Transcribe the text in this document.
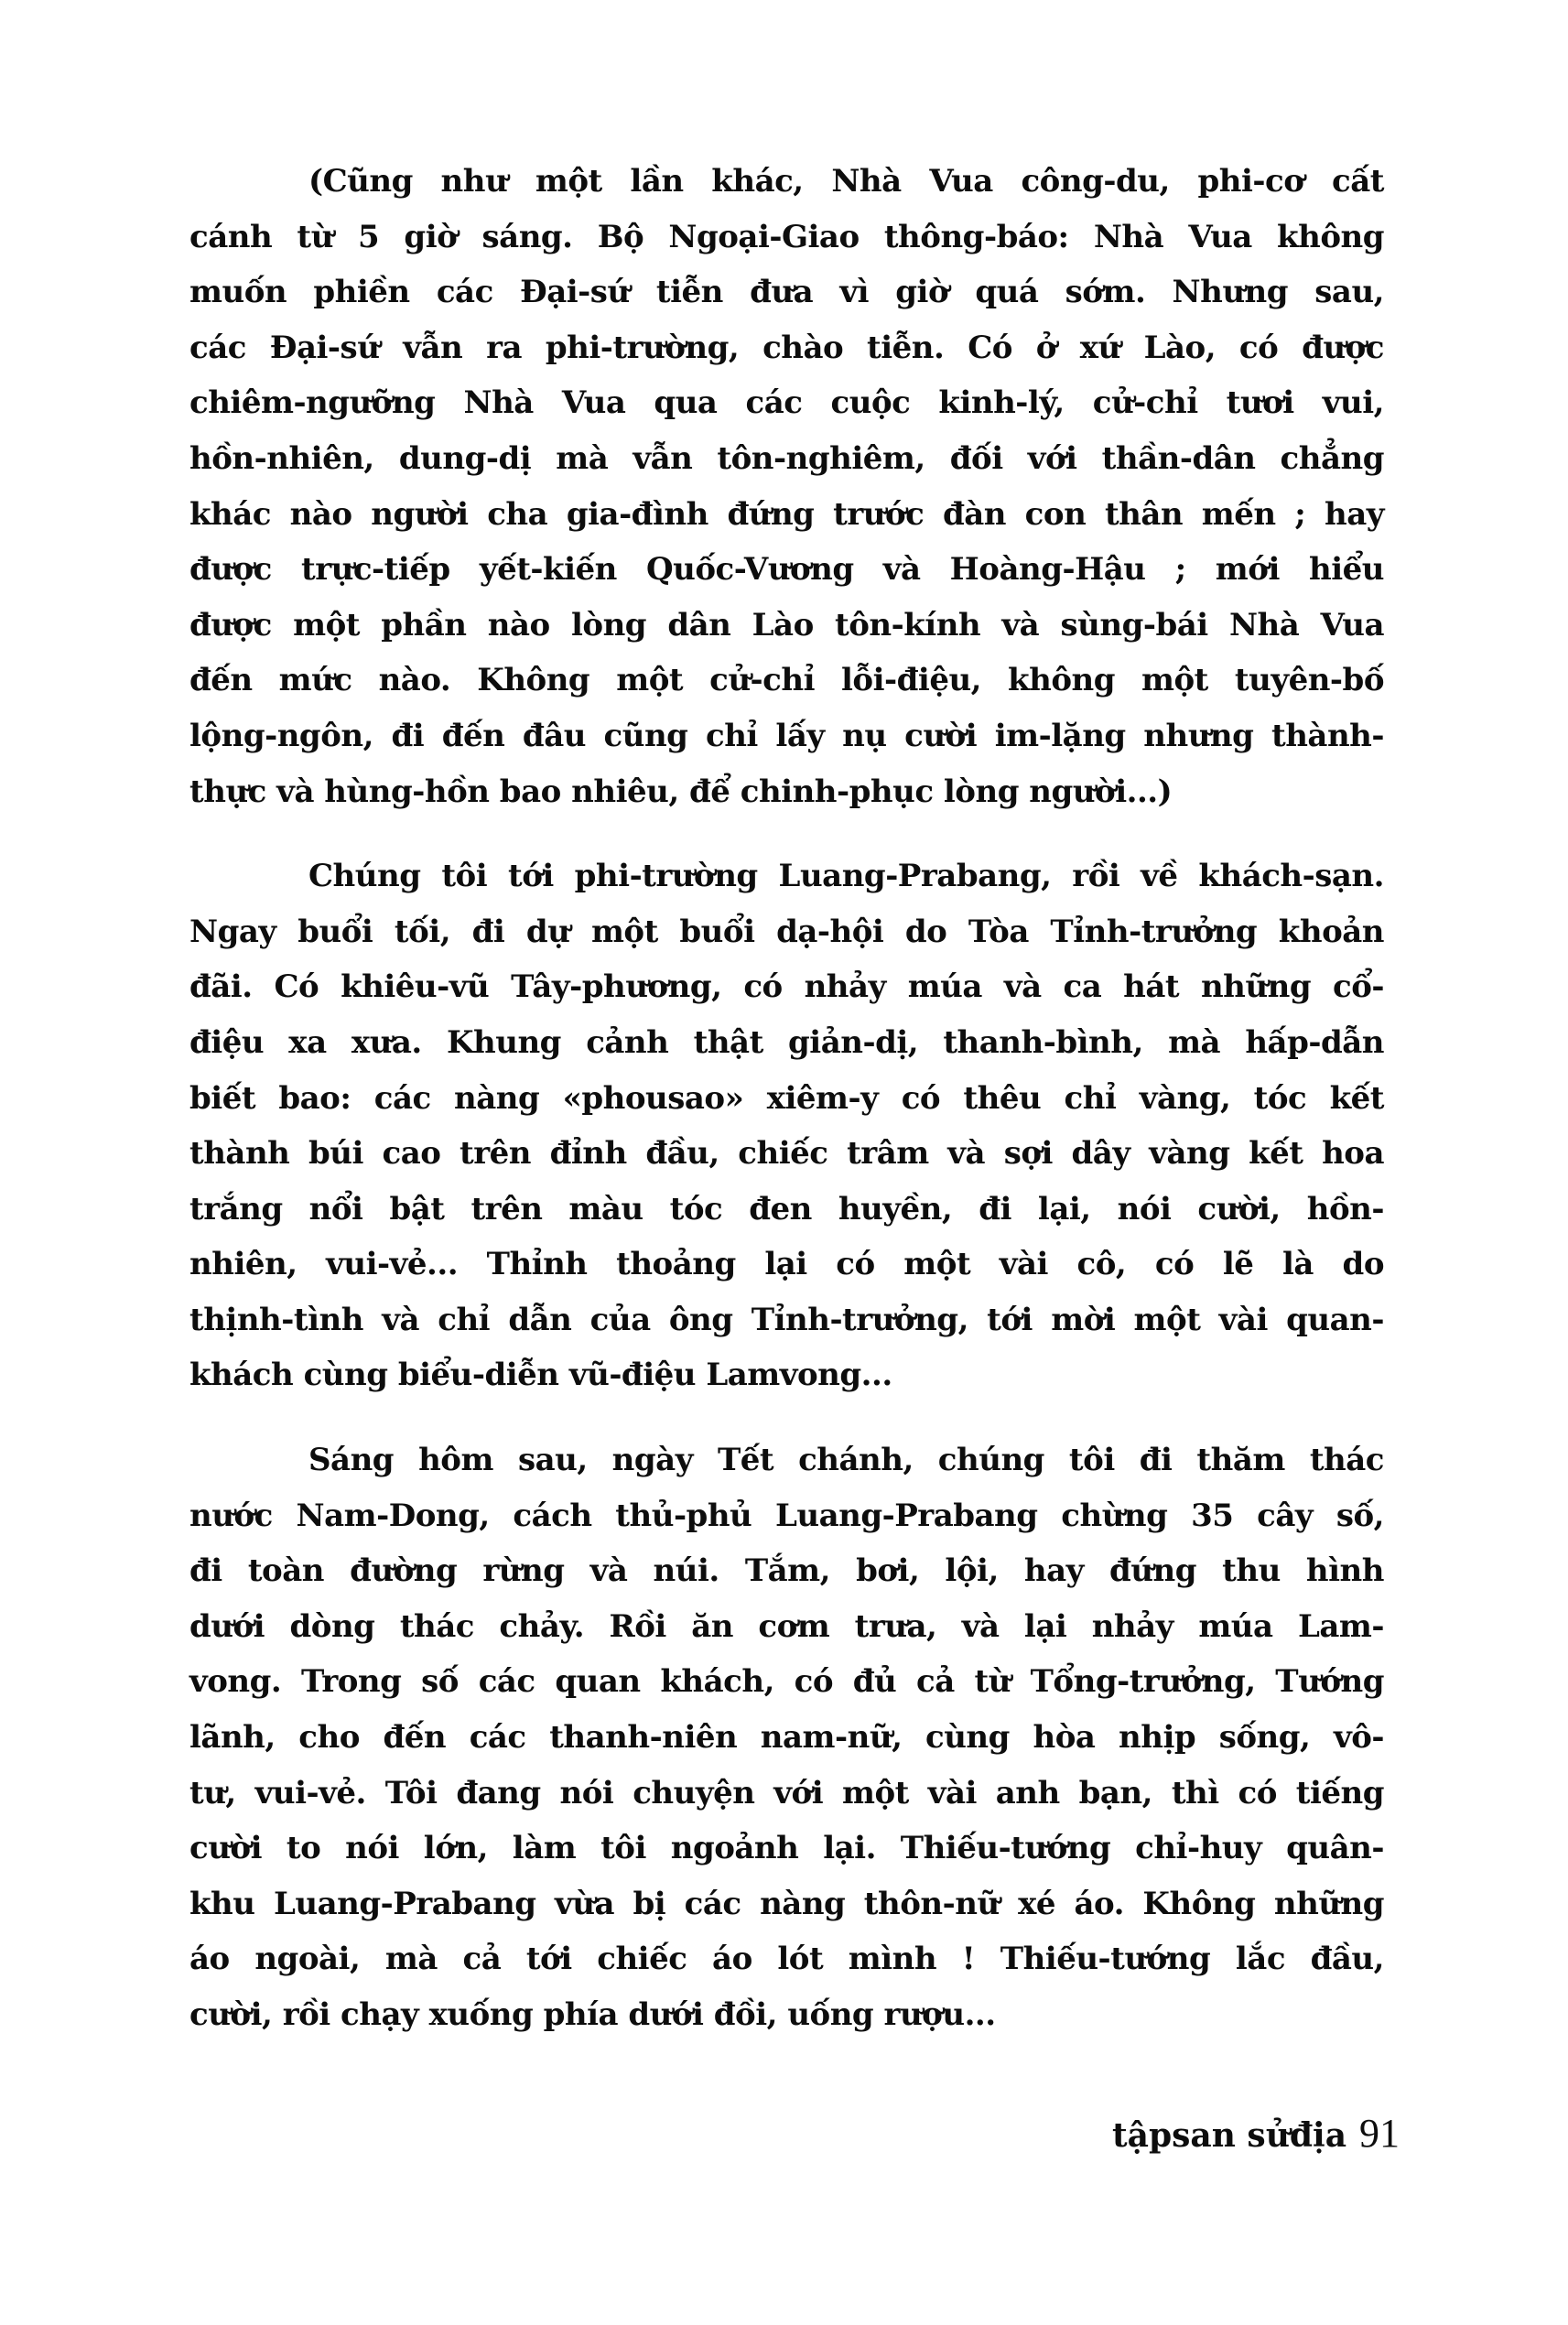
(Cũng như một lần khác, Nhà Vua công-du, phi-cơ cất
cánh từ 5 giờ sáng. Bộ Ngoại-Giao thông-báo: Nhà Vua không
muốn phiền các Đại-sứ tiễn đưa vì giờ quá sớm. Nhưng sau,
các Đại-sứ vẫn ra phi-trường, chào tiễn. Có ở xứ Lào, có được
chiêm-ngưỡng Nhà Vua qua các cuộc kinh-lý, cử-chỉ tươi vui,
hồn-nhiên, dung-dị mà vẫn tôn-nghiêm, đối với thần-dân chẳng
khác nào người cha gia-đình đứng trước đàn con thân mến ; hay
được trực-tiếp yết-kiến Quốc-Vương và Hoàng-Hậu ; mới hiểu
được một phần nào lòng dân Lào tôn-kính và sùng-bái Nhà Vua
đến mức nào. Không một cử-chỉ lỗi-điệu, không một tuyên-bố
lộng-ngôn, đi đến đâu cũng chỉ lấy nụ cười im-lặng nhưng thành-
thực và hùng-hồn bao nhiêu, để chinh-phục lòng người...)
Chúng tôi tới phi-trường Luang-Prabang, rồi về khách-sạn.
Ngay buổi tối, đi dự một buổi dạ-hội do Tòa Tỉnh-trưởng khoản
đãi. Có khiêu-vũ Tây-phương, có nhảy múa và ca hát những cổ-
điệu xa xưa. Khung cảnh thật giản-dị, thanh-bình, mà hấp-dẫn
biết bao: các nàng «phousao» xiêm-y có thêu chỉ vàng, tóc kết
thành búi cao trên đỉnh đầu, chiếc trâm và sợi dây vàng kết hoa
trắng nổi bật trên màu tóc đen huyền, đi lại, nói cười, hồn-
nhiên, vui-vẻ... Thỉnh thoảng lại có một vài cô, có lẽ là do
thịnh-tình và chỉ dẫn của ông Tỉnh-trưởng, tới mời một vài quan-
khách cùng biểu-diễn vũ-điệu Lamvong...
Sáng hôm sau, ngày Tết chánh, chúng tôi đi thăm thác
nước Nam-Dong, cách thủ-phủ Luang-Prabang chừng 35 cây số,
đi toàn đường rừng và núi. Tắm, bơi, lội, hay đứng thu hình
dưới dòng thác chảy. Rồi ăn cơm trưa, và lại nhảy múa Lam-
vong. Trong số các quan khách, có đủ cả từ Tổng-trưởng, Tướng
lãnh, cho đến các thanh-niên nam-nữ, cùng hòa nhịp sống, vô-
tư, vui-vẻ. Tôi đang nói chuyện với một vài anh bạn, thì có tiếng
cười to nói lớn, làm tôi ngoảnh lại. Thiếu-tướng chỉ-huy quân-
khu Luang-Prabang vừa bị các nàng thôn-nữ xé áo. Không những
áo ngoài, mà cả tới chiếc áo lót mình ! Thiếu-tướng lắc đầu,
cười, rồi chạy xuống phía dưới đồi, uống rượu...
tậpsan sửđịa 91
